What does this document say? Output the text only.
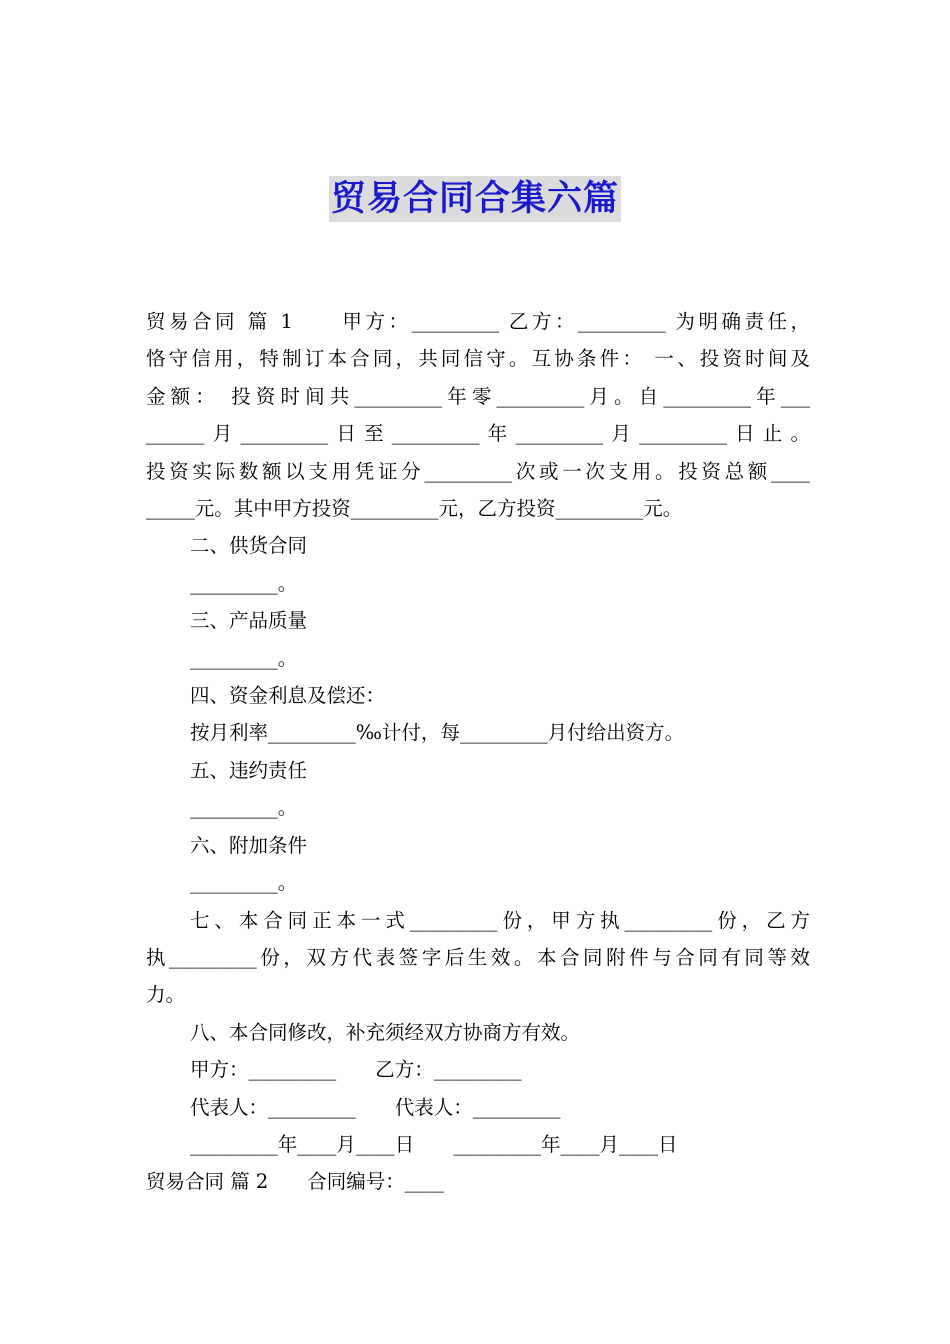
贸易合同合集六篇

贸易合同 篇 1　　甲方：_________ 乙方：_________ 为明确责任，

恪守信用，特制订本合同，共同信守。互协条件： 一、投资时间及

金额： 投资时间共_________年零_________月。自_________年___

______月_________日至_________年_________月_________日止。

投资实际数额以支用凭证分_________次或一次支用。投资总额____

_____元。其中甲方投资_________元，乙方投资_________元。

二、供货合同

_________。

三、产品质量

_________。

四、资金利息及偿还：

按月利率_________‰计付，每_________月付给出资方。

五、违约责任

_________。

六、附加条件

_________。

七、本合同正本一式_________份，甲方执_________份，乙方

执_________份，双方代表签字后生效。本合同附件与合同有同等效

力。

八、本合同修改，补充须经双方协商方有效。

甲方：_________　　乙方：_________

代表人：_________　　代表人：_________

_________年____月____日　　_________年____月____日

贸易合同 篇 2　　合同编号：____
